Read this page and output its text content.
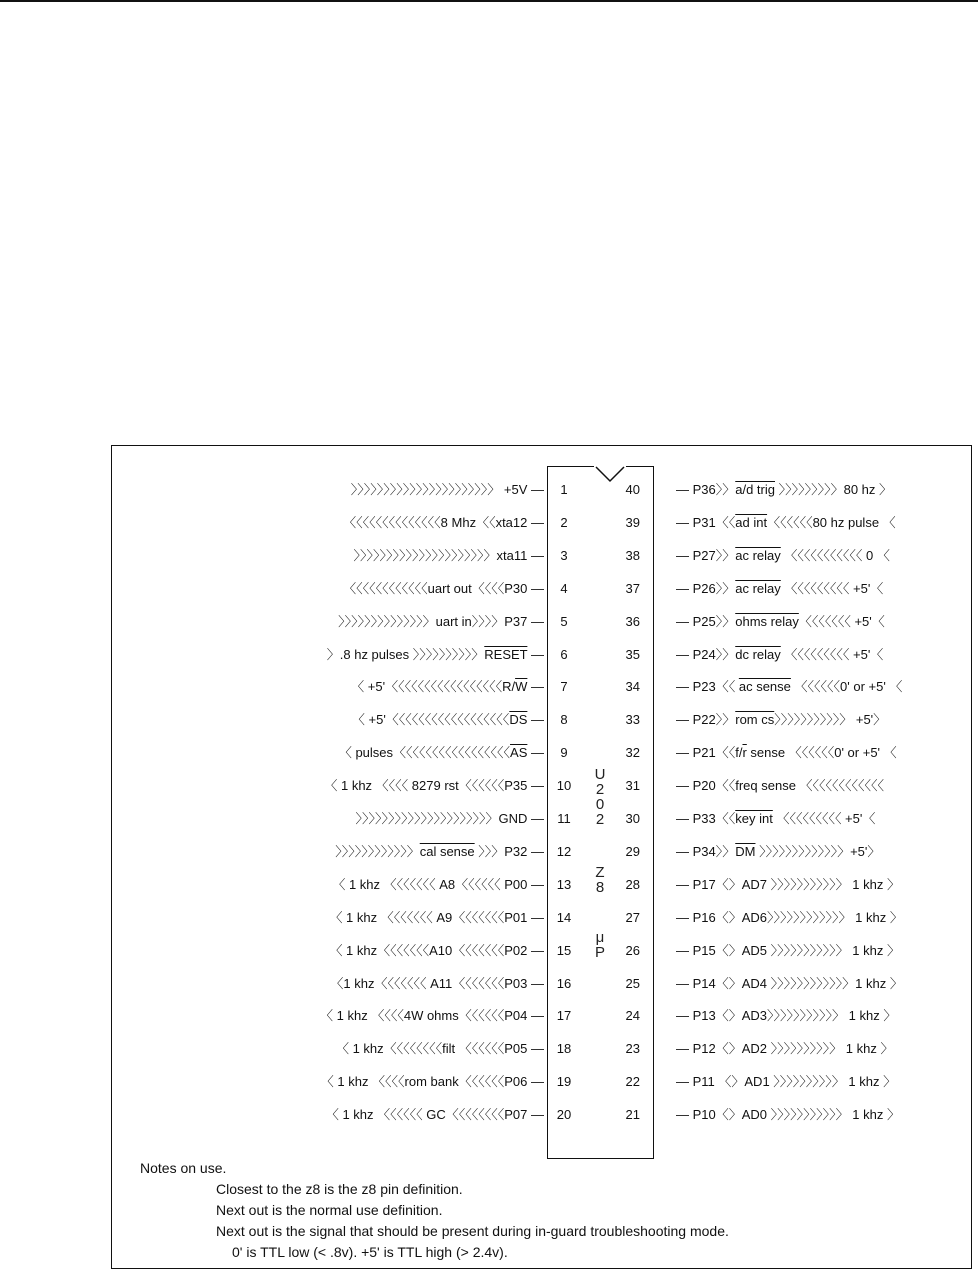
U
2
0
2
Z
8
μ
P
〉〉〉〉〉〉〉〉〉〉〉〉〉〉〉〉〉〉〉〉〉〉 +5V —	1	40	— P36〉〉a/d trig 〉〉〉〉〉〉〉〉〉80 hz 〉
〈〈〈〈〈〈〈〈〈〈〈〈〈〈8 Mhz〈〈xta12 —	2	39	— P31〈〈ad int〈〈〈〈〈〈80 hz pulse 〈
〉〉〉〉〉〉〉〉〉〉〉〉〉〉〉〉〉〉〉〉〉xta11 —	3	38	— P27〉〉ac relay 〈〈〈〈〈〈〈〈〈〈〈 0 〈
〈〈〈〈〈〈〈〈〈〈〈〈uart out〈〈〈〈P30 —	4	37	— P26〉〉ac relay 〈〈〈〈〈〈〈〈〈 +5'〈
〉〉〉〉〉〉〉〉〉〉〉〉〉〉uart in〉〉〉〉P37 —	5	36	— P25〉〉ohms relay〈〈〈〈〈〈〈 +5'〈
〉.8 hz pulses 〉〉〉〉〉〉〉〉〉〉RESET —	6	35	— P24〉〉dc relay 〈〈〈〈〈〈〈〈〈 +5'〈
〈 +5'〈〈〈〈〈〈〈〈〈〈〈〈〈〈〈〈〈$R/\overline{W}$ —	7	34	— P23〈〈 ac sense 〈〈〈〈〈〈0' or +5' 〈
〈 +5'〈〈〈〈〈〈〈〈〈〈〈〈〈〈〈〈〈〈$\overline{DS}$ —	8	33	— P22〉〉rom cs〉〉〉〉〉〉〉〉〉〉〉 +5'〉
〈 pulses〈〈〈〈〈〈〈〈〈〈〈〈〈〈〈〈〈$\overline{AS}$ —	9	32	— P21〈〈$f/\overline{r}$ sense 〈〈〈〈〈〈0' or +5' 〈
〈 1 khz 〈〈〈〈 8279 rst〈〈〈〈〈〈P35 — 10	31	— P20〈〈freq sense 〈〈〈〈〈〈〈〈〈〈〈〈
〉〉〉〉〉〉〉〉〉〉〉〉〉〉〉〉〉〉〉〉〉GND — 11	30	— P33〈〈key int 〈〈〈〈〈〈〈〈〈 +5'〈
〉〉〉〉〉〉〉〉〉〉〉〉cal sense 〉〉〉P32 — 12	29	— P34〉〉$\overline{DM}$ 〉〉〉〉〉〉〉〉〉〉〉〉〉+5'〉
〈 1 khz 〈〈〈〈〈〈〈 A8〈〈〈〈〈〈 P00 — 13	28	— P17〈〉AD7 〉〉〉〉〉〉〉〉〉〉〉 1 khz 〉
〈 1 khz 〈〈〈〈〈〈〈 A9〈〈〈〈〈〈〈P01 — 14	27	— P16〈〉AD6〉〉〉〉〉〉〉〉〉〉〉〉 1 khz 〉
〈 1 khz〈〈〈〈〈〈〈A10〈〈〈〈〈〈〈P02 — 15	26	— P15〈〉AD5 〉〉〉〉〉〉〉〉〉〉〉 1 khz 〉
〈1 khz〈〈〈〈〈〈〈 A11〈〈〈〈〈〈〈P03 — 16	25	— P14〈〉AD4 〉〉〉〉〉〉〉〉〉〉〉〉1 khz 〉
〈 1 khz 〈〈〈〈4W ohms〈〈〈〈〈〈P04 — 17	24	— P13〈〉AD3〉〉〉〉〉〉〉〉〉〉〉 1 khz 〉
〈 1 khz〈〈〈〈〈〈〈〈filt 〈〈〈〈〈〈P05 — 18	23	— P12〈〉AD2 〉〉〉〉〉〉〉〉〉〉 1 khz 〉
〈 1 khz 〈〈〈〈rom bank〈〈〈〈〈〈P06 — 19	22	— P11 〈〉AD1 〉〉〉〉〉〉〉〉〉〉 1 khz 〉
〈 1 khz 〈〈〈〈〈〈 GC〈〈〈〈〈〈〈〈P07 — 20	21	— P10〈〉AD0 〉〉〉〉〉〉〉〉〉〉〉 1 khz 〉
Notes on use.
Closest to the z8 is the z8 pin definition.
Next out is the normal use definition.
Next out is the signal that should be present during in-guard troubleshooting mode.
0' is TTL low (< .8v). +5' is TTL high (> 2.4v).
